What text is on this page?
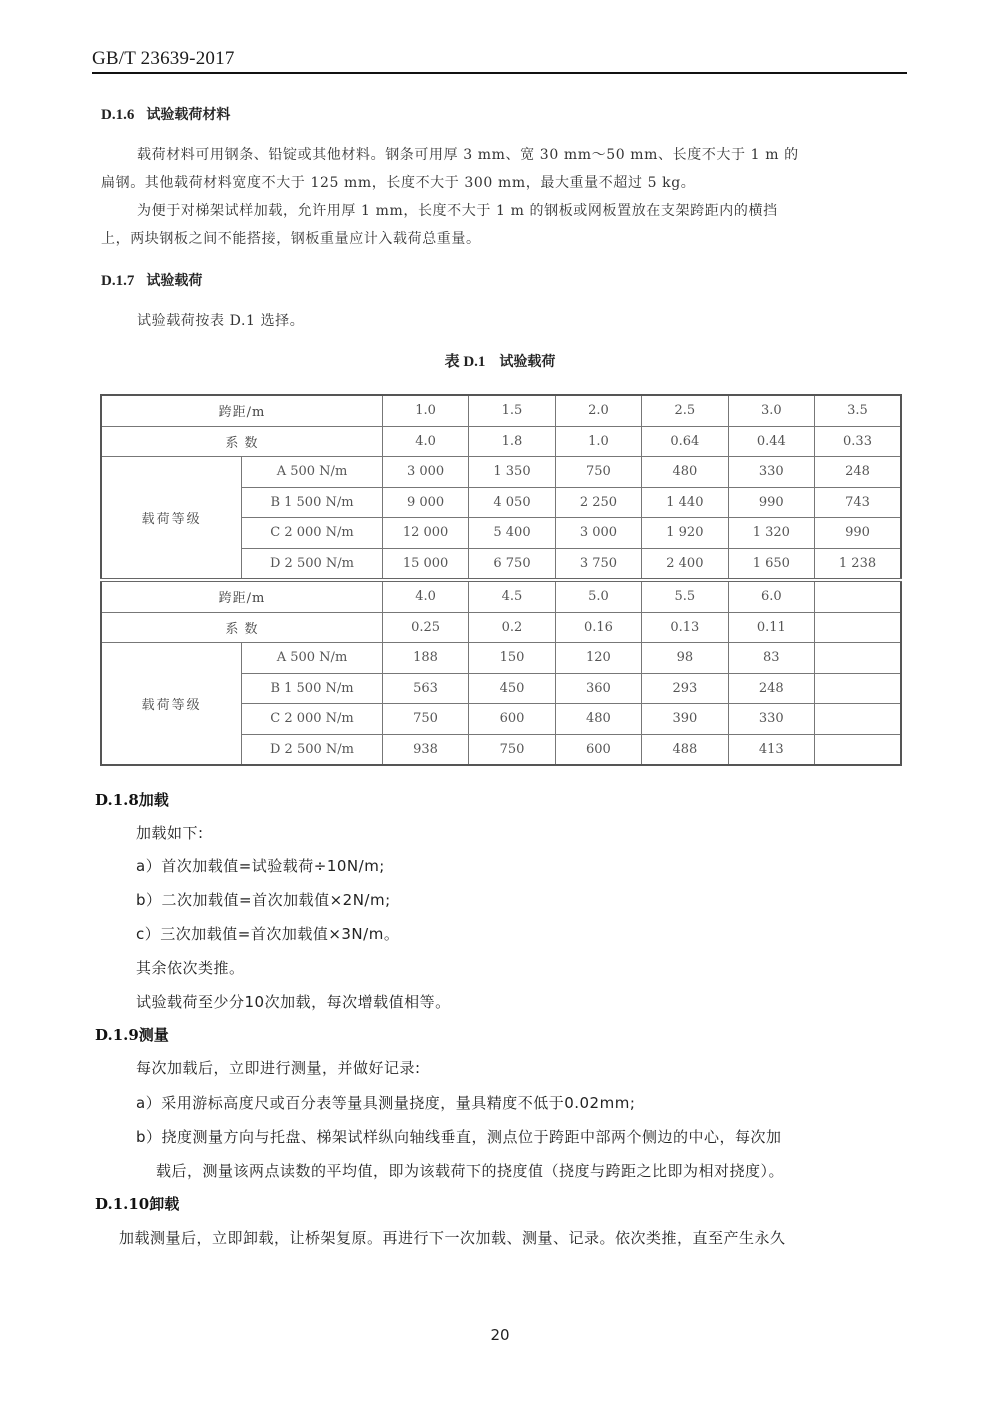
GB/T 23639-2017
D.1.6 试验载荷材料
载荷材料可用钢条、铅锭或其他材料。钢条可用厚 3 mm、宽 30 mm～50 mm、长度不大于 1 m 的
扁钢。其他载荷材料宽度不大于 125 mm，长度不大于 300 mm，最大重量不超过 5 kg。
为便于对梯架试样加载，允许用厚 1 mm，长度不大于 1 m 的钢板或网板置放在支架跨距内的横挡
上，两块钢板之间不能搭接，钢板重量应计入载荷总重量。
D.1.7 试验载荷
试验载荷按表 D.1 选择。
表 D.1 试验载荷
跨距/m		1.0	1.5	2.0	2.5	3.0	3.5
系 数		4.0	1.8	1.0	0.64	0.44	0.33
载荷等级	A 500 N/m	3 000	1 350	750	480	330	248
	B 1 500 N/m	9 000	4 050	2 250	1 440	990	743
	C 2 000 N/m	12 000	5 400	3 000	1 920	1 320	990
	D 2 500 N/m	15 000	6 750	3 750	2 400	1 650	1 238
跨距/m		4.0	4.5	5.0	5.5	6.0	
系 数		0.25	0.2	0.16	0.13	0.11	
载荷等级	A 500 N/m	188	150	120	98	83	
	B 1 500 N/m	563	450	360	293	248	
	C 2 000 N/m	750	600	480	390	330	
	D 2 500 N/m	938	750	600	488	413	
D.1.8加载
加载如下:
a）首次加载值=试验载荷÷10N/m;
b）二次加载值=首次加载值×2N/m;
c）三次加载值=首次加载值×3N/m。
其余依次类推。
试验载荷至少分10次加载，每次增载值相等。
D.1.9测量
每次加载后，立即进行测量，并做好记录:
a）采用游标高度尺或百分表等量具测量挠度，量具精度不低于0.02mm;
b）挠度测量方向与托盘、梯架试样纵向轴线垂直，测点位于跨距中部两个侧边的中心，每次加
载后，测量该两点读数的平均值，即为该载荷下的挠度值（挠度与跨距之比即为相对挠度）。
D.1.10卸载
加载测量后，立即卸载，让桥架复原。再进行下一次加载、测量、记录。依次类推，直至产生永久
20
